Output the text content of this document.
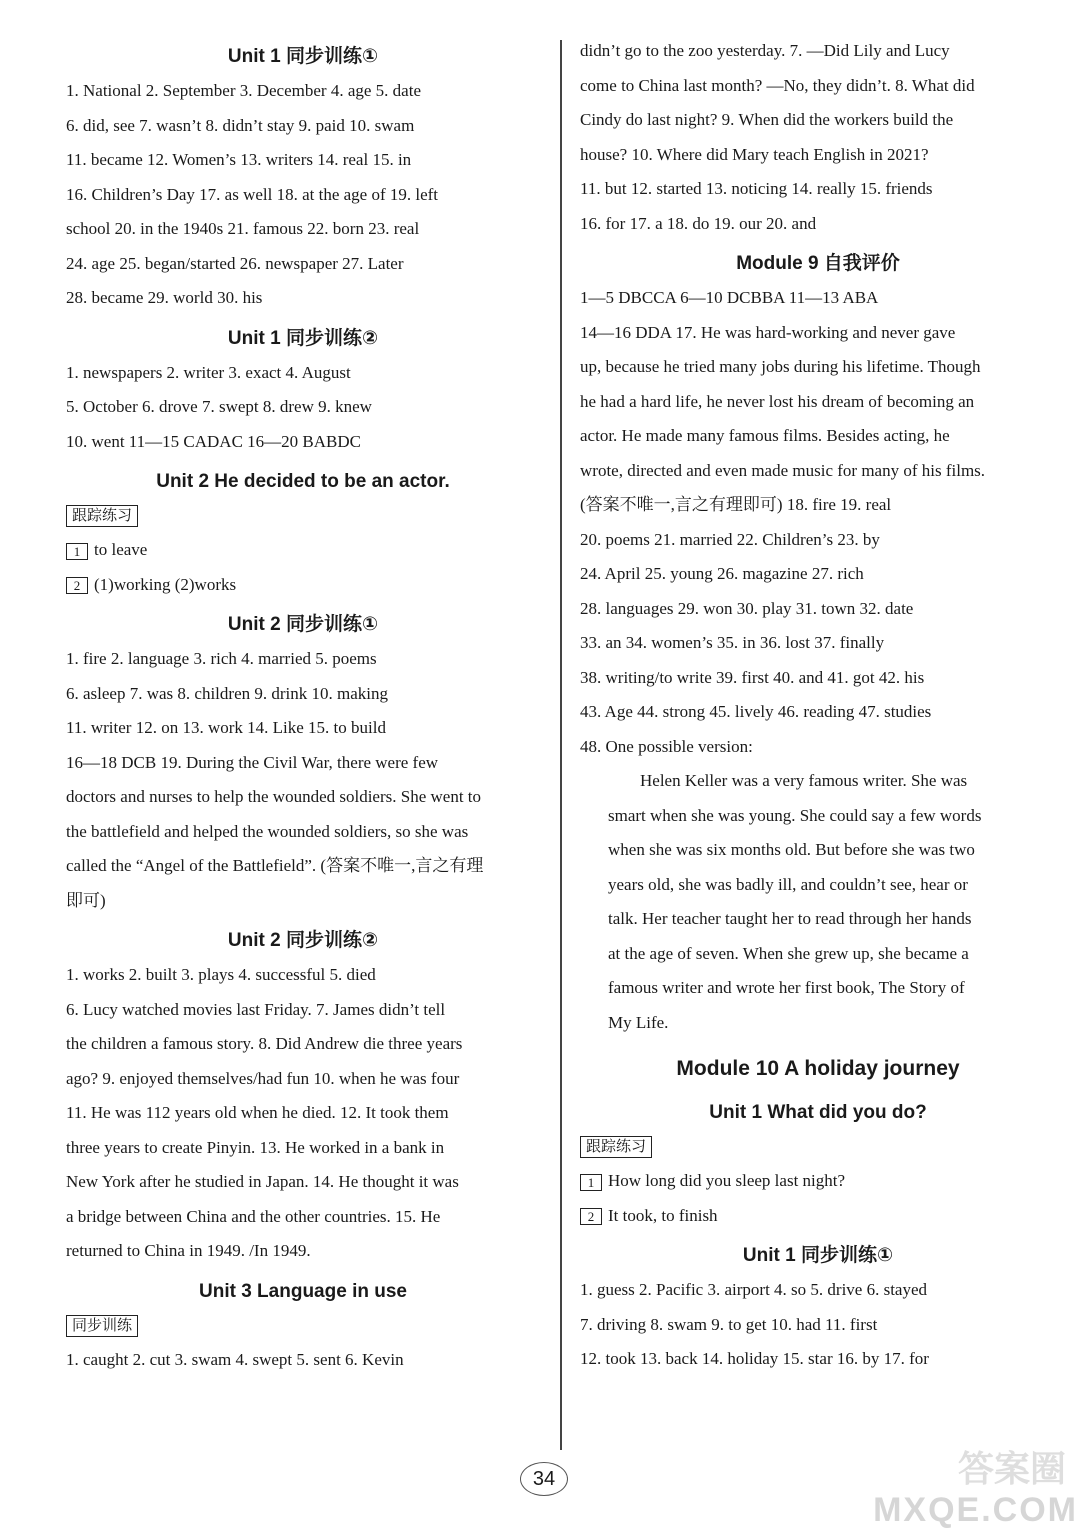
Unit 1 同步训练①
1. National 2. September 3. December 4. age 5. date
6. did, see 7. wasn’t 8. didn’t stay 9. paid 10. swam
11. became 12. Women’s 13. writers 14. real 15. in
16. Children’s Day 17. as well 18. at the age of 19. left
school 20. in the 1940s 21. famous 22. born 23. real
24. age 25. began/started 26. newspaper 27. Later
28. became 29. world 30. his
Unit 1 同步训练②
1. newspapers 2. writer 3. exact 4. August
5. October 6. drove 7. swept 8. drew 9. knew
10. went 11—15 CADAC 16—20 BABDC
Unit 2 He decided to be an actor.
跟踪练习
1 to leave
2 (1)working (2)works
Unit 2 同步训练①
1. fire 2. language 3. rich 4. married 5. poems
6. asleep 7. was 8. children 9. drink 10. making
11. writer 12. on 13. work 14. Like 15. to build
16—18 DCB 19. During the Civil War, there were few
doctors and nurses to help the wounded soldiers. She went to
the battlefield and helped the wounded soldiers, so she was
called the “Angel of the Battlefield”. (答案不唯一,言之有理
即可)
Unit 2 同步训练②
1. works 2. built 3. plays 4. successful 5. died
6. Lucy watched movies last Friday. 7. James didn’t tell
the children a famous story. 8. Did Andrew die three years
ago? 9. enjoyed themselves/had fun 10. when he was four
11. He was 112 years old when he died. 12. It took them
three years to create Pinyin. 13. He worked in a bank in
New York after he studied in Japan. 14. He thought it was
a bridge between China and the other countries. 15. He
returned to China in 1949. /In 1949.
Unit 3 Language in use
同步训练
1. caught 2. cut 3. swam 4. swept 5. sent 6. Kevin
didn’t go to the zoo yesterday. 7. —Did Lily and Lucy
come to China last month? —No, they didn’t. 8. What did
Cindy do last night? 9. When did the workers build the
house? 10. Where did Mary teach English in 2021?
11. but 12. started 13. noticing 14. really 15. friends
16. for 17. a 18. do 19. our 20. and
Module 9 自我评价
1—5 DBCCA 6—10 DCBBA 11—13 ABA
14—16 DDA 17. He was hard-working and never gave
up, because he tried many jobs during his lifetime. Though
he had a hard life, he never lost his dream of becoming an
actor. He made many famous films. Besides acting, he
wrote, directed and even made music for many of his films.
(答案不唯一,言之有理即可) 18. fire 19. real
20. poems 21. married 22. Children’s 23. by
24. April 25. young 26. magazine 27. rich
28. languages 29. won 30. play 31. town 32. date
33. an 34. women’s 35. in 36. lost 37. finally
38. writing/to write 39. first 40. and 41. got 42. his
43. Age 44. strong 45. lively 46. reading 47. studies
48. One possible version:
Helen Keller was a very famous writer. She was
smart when she was young. She could say a few words
when she was six months old. But before she was two
years old, she was badly ill, and couldn’t see, hear or
talk. Her teacher taught her to read through her hands
at the age of seven. When she grew up, she became a
famous writer and wrote her first book, The Story of
My Life.
Module 10 A holiday journey
Unit 1 What did you do?
跟踪练习
1 How long did you sleep last night?
2 It took, to finish
Unit 1 同步训练①
1. guess 2. Pacific 3. airport 4. so 5. drive 6. stayed
7. driving 8. swam 9. to get 10. had 11. first
12. took 13. back 14. holiday 15. star 16. by 17. for
34	答案圈
MXQE.COM
